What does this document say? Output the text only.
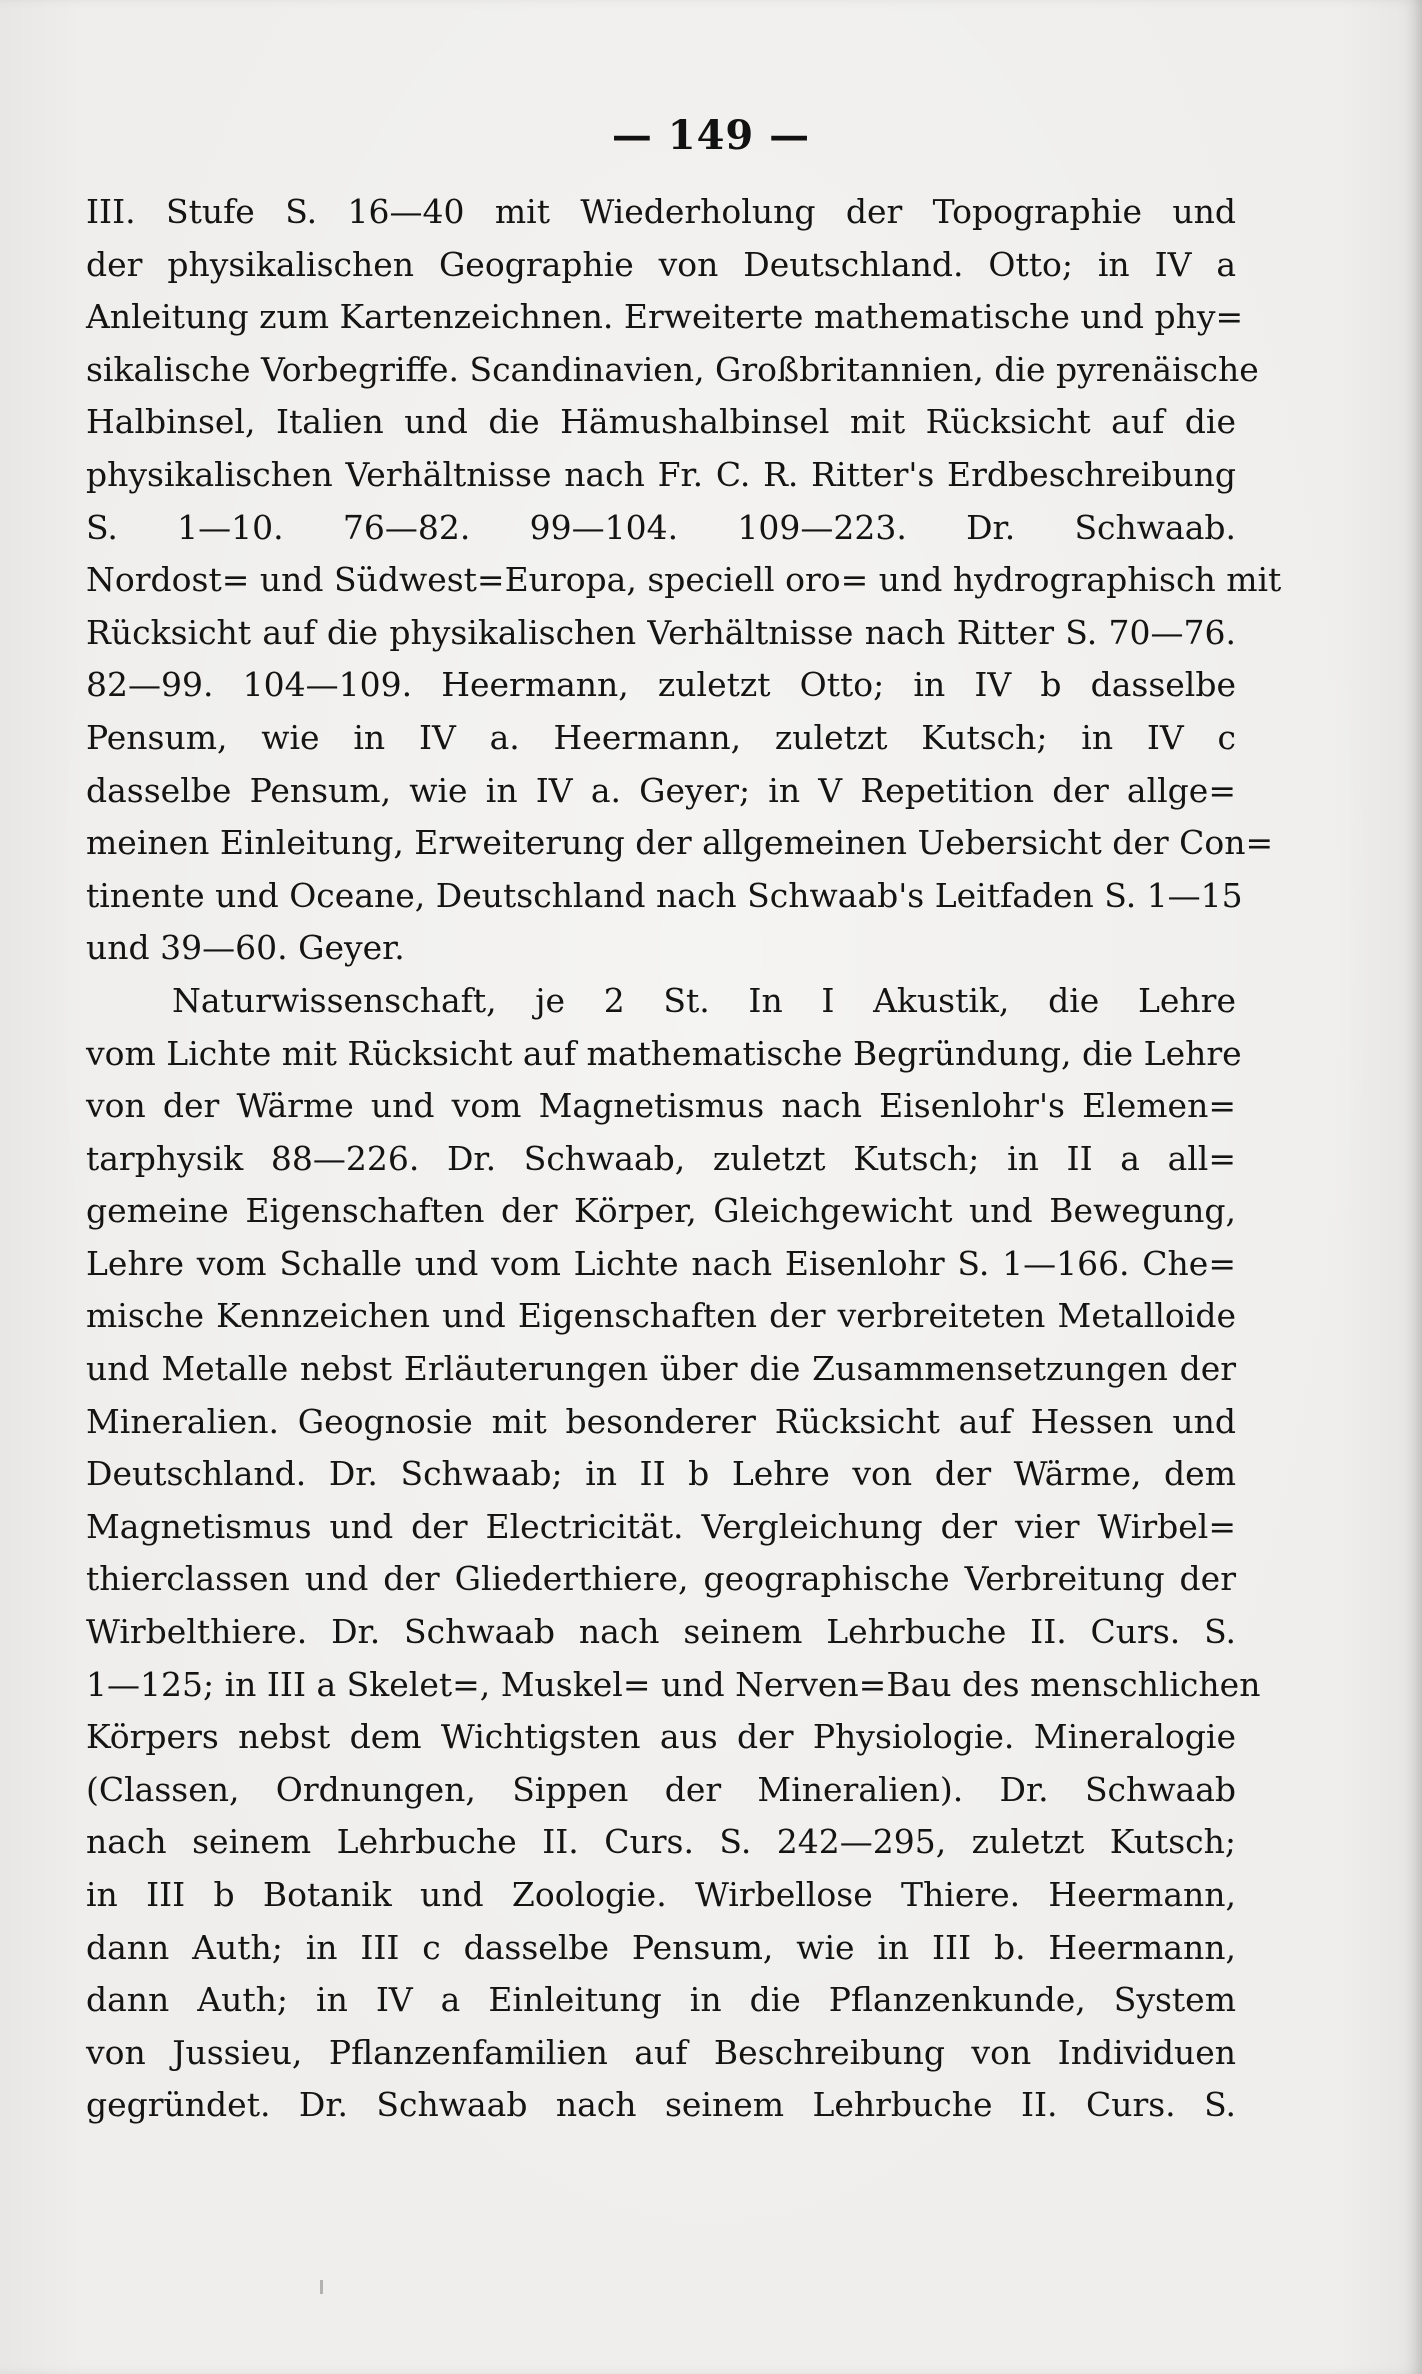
— 149 —
III. Stufe S. 16—40 mit Wiederholung der Topographie und
der physikalischen Geographie von Deutschland. Otto; in IV a
Anleitung zum Kartenzeichnen. Erweiterte mathematische und phy=
sikalische Vorbegriffe. Scandinavien, Großbritannien, die pyrenäische
Halbinsel, Italien und die Hämushalbinsel mit Rücksicht auf die
physikalischen Verhältnisse nach Fr. C. R. Ritter's Erdbeschreibung
S. 1—10. 76—82. 99—104. 109—223. Dr. Schwaab.
Nordost= und Südwest=Europa, speciell oro= und hydrographisch mit
Rücksicht auf die physikalischen Verhältnisse nach Ritter S. 70—76.
82—99. 104—109. Heermann, zuletzt Otto; in IV b dasselbe
Pensum, wie in IV a. Heermann, zuletzt Kutsch; in IV c
dasselbe Pensum, wie in IV a. Geyer; in V Repetition der allge=
meinen Einleitung, Erweiterung der allgemeinen Uebersicht der Con=
tinente und Oceane, Deutschland nach Schwaab's Leitfaden S. 1—15
und 39—60. Geyer.
Naturwissenschaft, je 2 St. In I Akustik, die Lehre
vom Lichte mit Rücksicht auf mathematische Begründung, die Lehre
von der Wärme und vom Magnetismus nach Eisenlohr's Elemen=
tarphysik 88—226. Dr. Schwaab, zuletzt Kutsch; in II a all=
gemeine Eigenschaften der Körper, Gleichgewicht und Bewegung,
Lehre vom Schalle und vom Lichte nach Eisenlohr S. 1—166. Che=
mische Kennzeichen und Eigenschaften der verbreiteten Metalloide
und Metalle nebst Erläuterungen über die Zusammensetzungen der
Mineralien. Geognosie mit besonderer Rücksicht auf Hessen und
Deutschland. Dr. Schwaab; in II b Lehre von der Wärme, dem
Magnetismus und der Electricität. Vergleichung der vier Wirbel=
thierclassen und der Gliederthiere, geographische Verbreitung der
Wirbelthiere. Dr. Schwaab nach seinem Lehrbuche II. Curs. S.
1—125; in III a Skelet=, Muskel= und Nerven=Bau des menschlichen
Körpers nebst dem Wichtigsten aus der Physiologie. Mineralogie
(Classen, Ordnungen, Sippen der Mineralien). Dr. Schwaab
nach seinem Lehrbuche II. Curs. S. 242—295, zuletzt Kutsch;
in III b Botanik und Zoologie. Wirbellose Thiere. Heermann,
dann Auth; in III c dasselbe Pensum, wie in III b. Heermann,
dann Auth; in IV a Einleitung in die Pflanzenkunde, System
von Jussieu, Pflanzenfamilien auf Beschreibung von Individuen
gegründet. Dr. Schwaab nach seinem Lehrbuche II. Curs. S.
